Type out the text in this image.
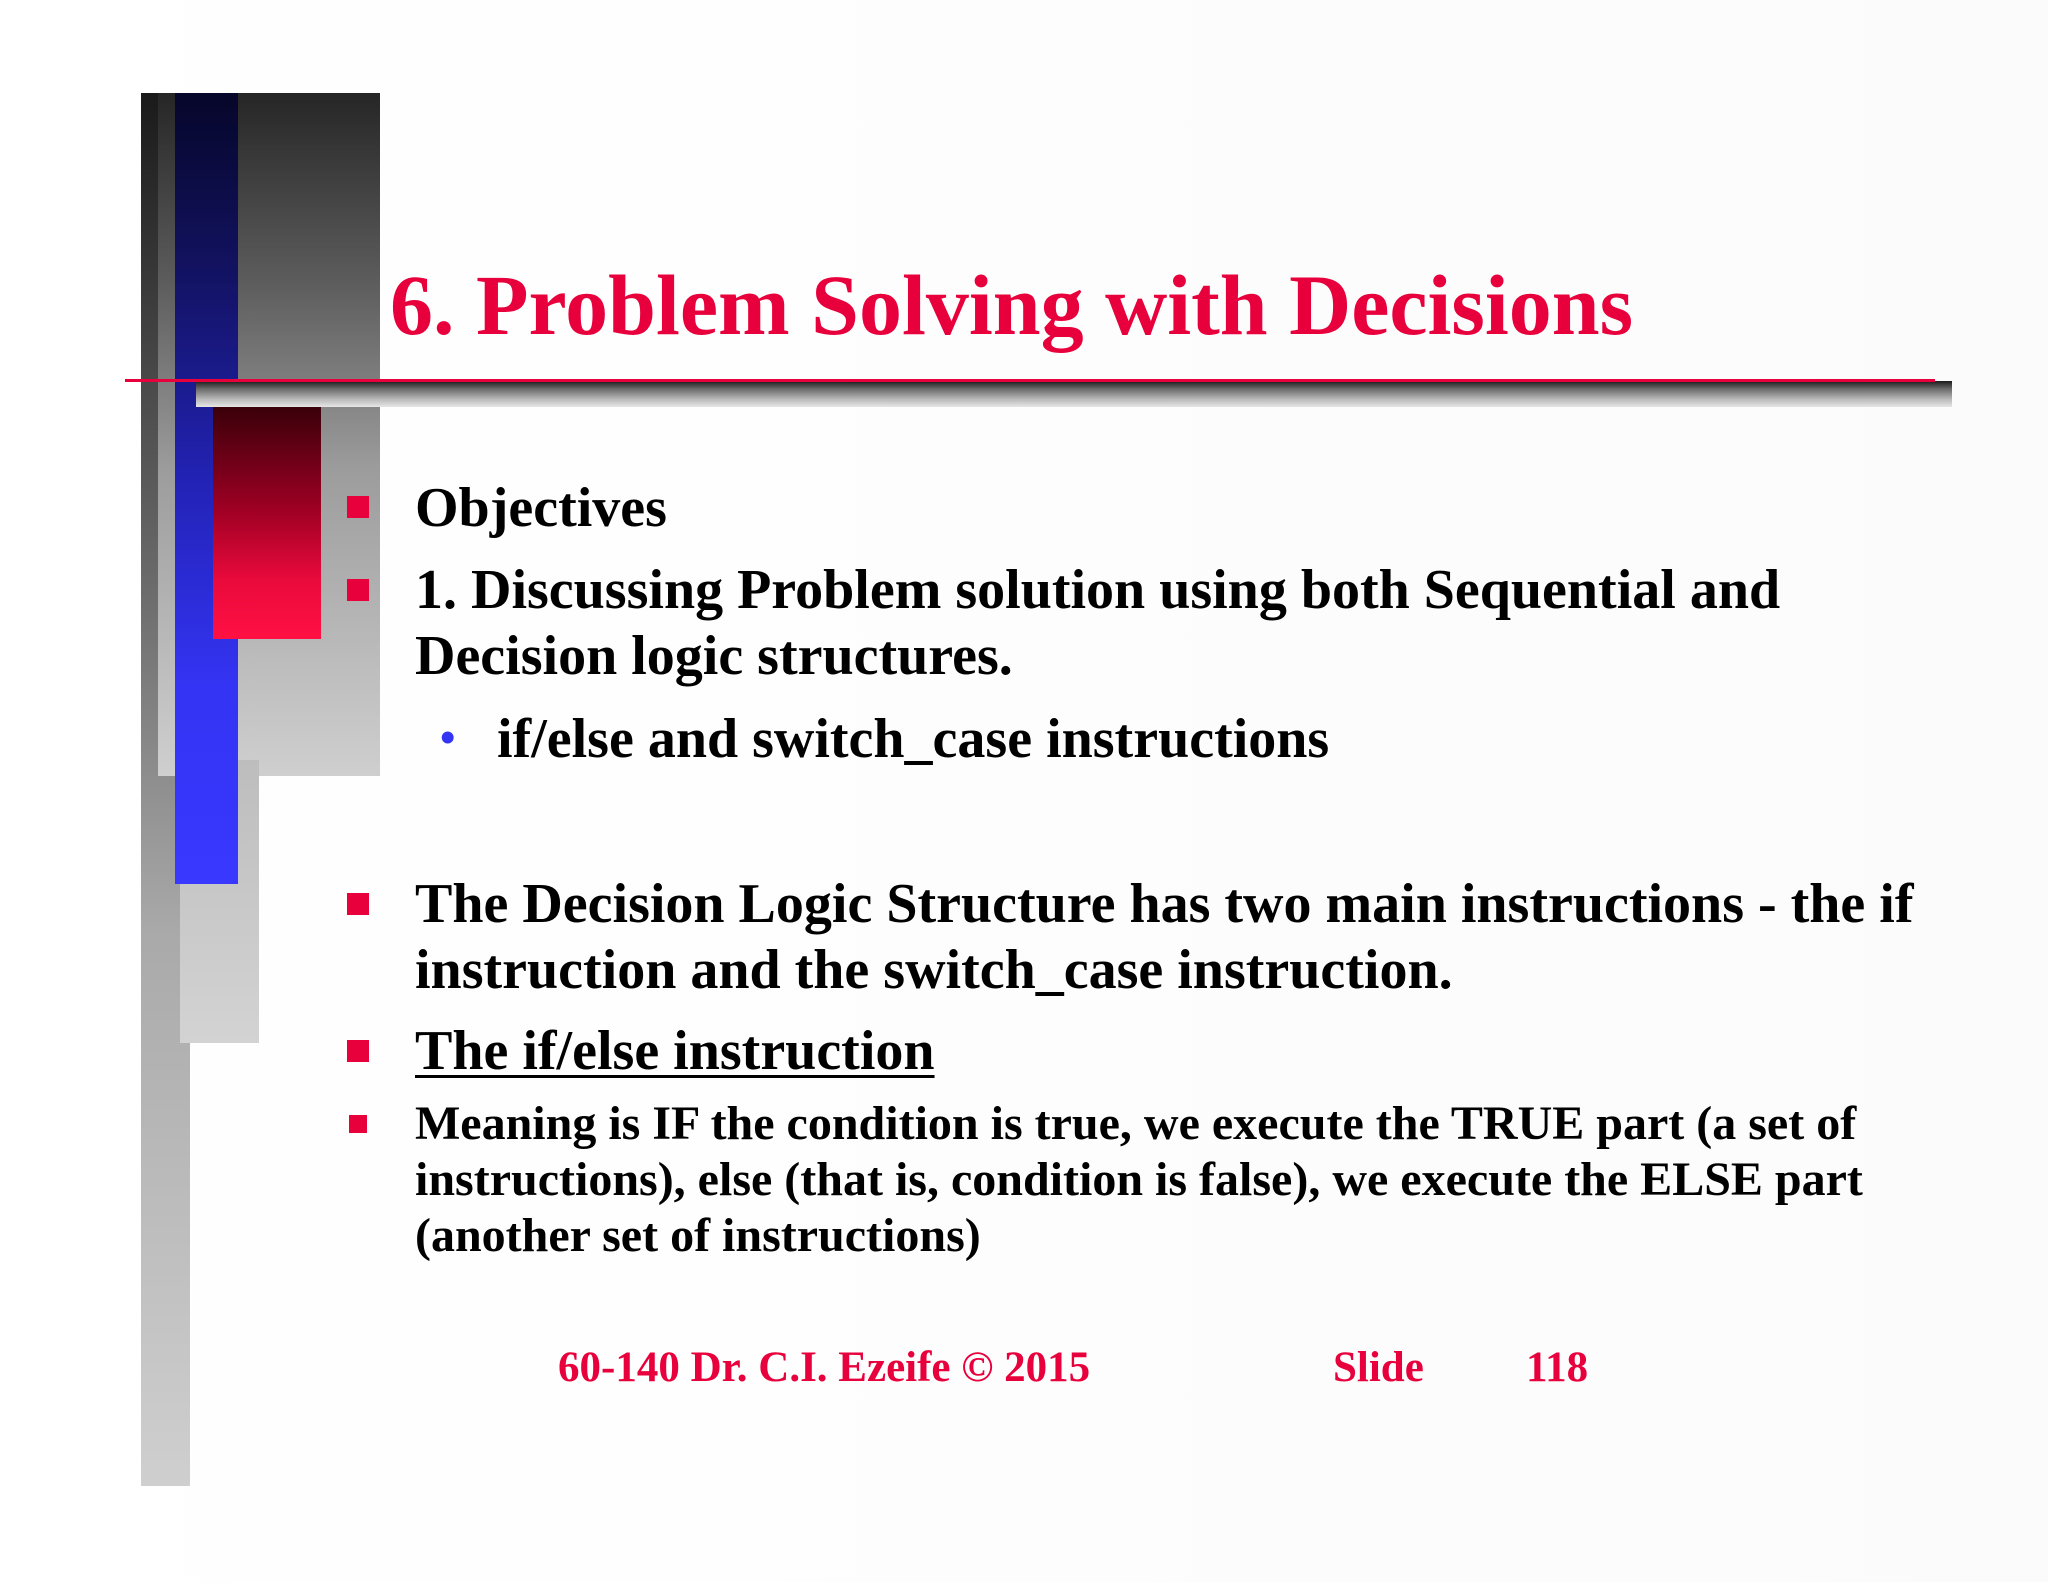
6. Problem Solving with Decisions
Objectives
1. Discussing Problem solution using both Sequential and Decision logic structures.
• if/else and switch_case instructions
The Decision Logic Structure has two main instructions - the if instruction and the switch_case instruction.
The if/else instruction
Meaning is IF the condition is true, we execute the TRUE part (a set of instructions), else (that is, condition is false), we execute the ELSE part (another set of instructions)
60-140 Dr. C.I. Ezeife © 2015	Slide 118
